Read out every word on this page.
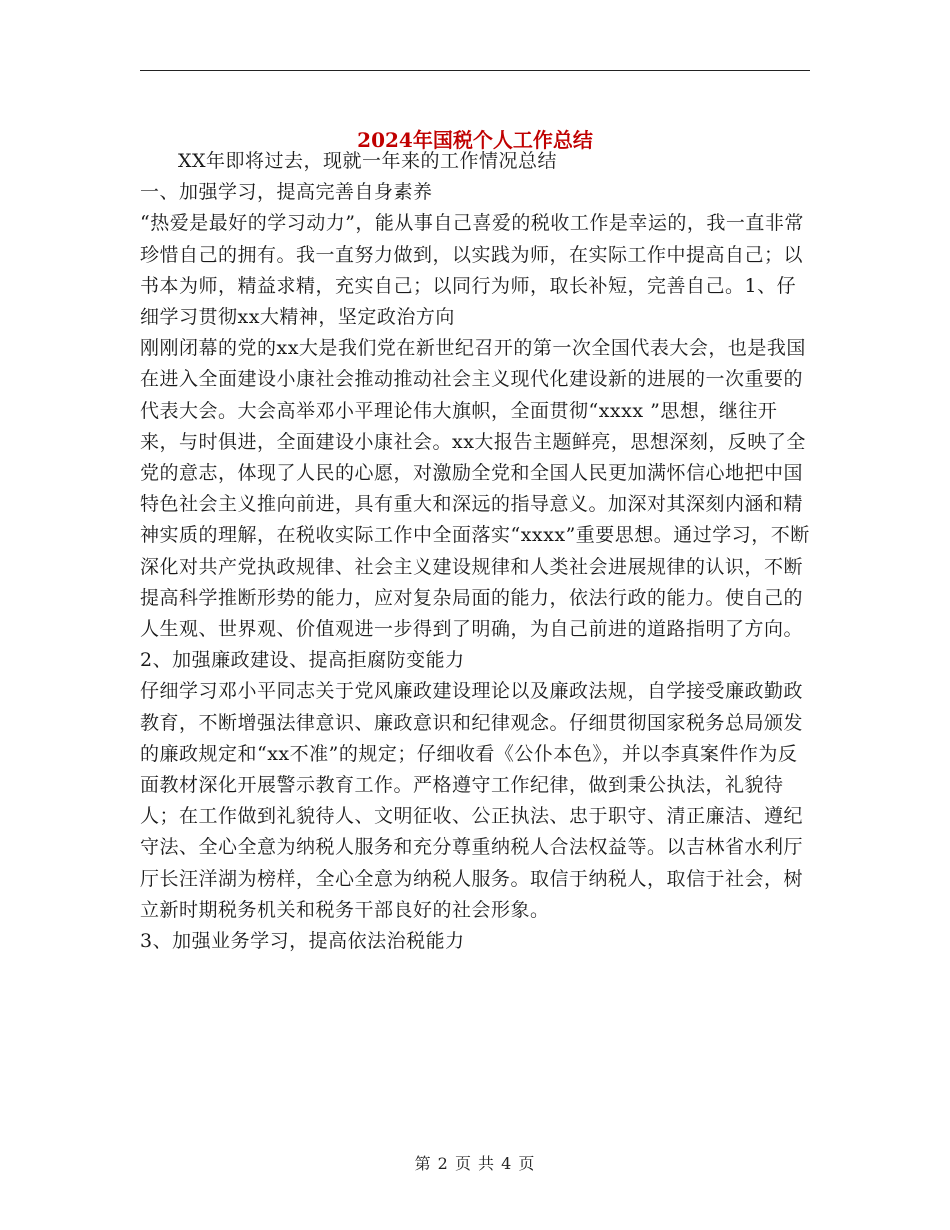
2024年国税个人工作总结

XX年即将过去，现就一年来的工作情况总结

一、加强学习，提高完善自身素养

“热爱是最好的学习动力”，能从事自己喜爱的税收工作是幸运的，我一直非常珍惜自己的拥有。我一直努力做到，以实践为师，在实际工作中提高自己；以书本为师，精益求精，充实自己；以同行为师，取长补短，完善自己。1、仔细学习贯彻xx大精神，坚定政治方向

刚刚闭幕的党的xx大是我们党在新世纪召开的第一次全国代表大会，也是我国在进入全面建设小康社会推动推动社会主义现代化建设新的进展的一次重要的代表大会。大会高举邓小平理论伟大旗帜，全面贯彻“xxxx ”思想，继往开来，与时俱进，全面建设小康社会。xx大报告主题鲜亮，思想深刻，反映了全党的意志，体现了人民的心愿，对激励全党和全国人民更加满怀信心地把中国特色社会主义推向前进，具有重大和深远的指导意义。加深对其深刻内涵和精神实质的理解，在税收实际工作中全面落实“xxxx”重要思想。通过学习，不断深化对共产党执政规律、社会主义建设规律和人类社会进展规律的认识，不断提高科学推断形势的能力，应对复杂局面的能力，依法行政的能力。使自己的人生观、世界观、价值观进一步得到了明确，为自己前进的道路指明了方向。

2、加强廉政建设、提高拒腐防变能力

仔细学习邓小平同志关于党风廉政建设理论以及廉政法规，自学接受廉政勤政教育，不断增强法律意识、廉政意识和纪律观念。仔细贯彻国家税务总局颁发的廉政规定和“xx不准”的规定；仔细收看《公仆本色》，并以李真案件作为反面教材深化开展警示教育工作。严格遵守工作纪律，做到秉公执法，礼貌待人；在工作做到礼貌待人、文明征收、公正执法、忠于职守、清正廉洁、遵纪守法、全心全意为纳税人服务和充分尊重纳税人合法权益等。以吉林省水利厅厅长汪洋湖为榜样，全心全意为纳税人服务。取信于纳税人，取信于社会，树立新时期税务机关和税务干部良好的社会形象。

3、加强业务学习，提高依法治税能力

第 2 页 共 4 页
